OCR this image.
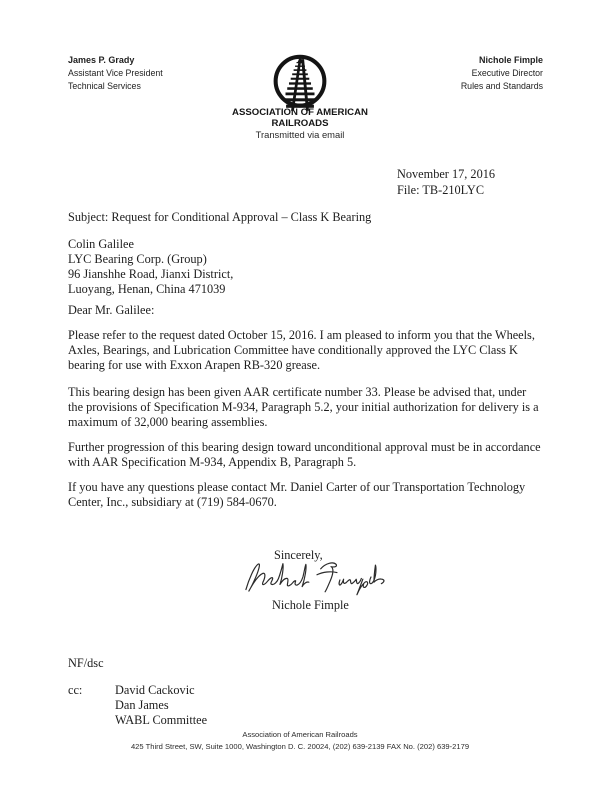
James P. Grady
Assistant Vice President
Technical Services
Nichole Fimple
Executive Director
Rules and Standards
ASSOCIATION OF AMERICAN
RAILROADS
Transmitted via email
November 17, 2016
File: TB-210LYC
Subject: Request for Conditional Approval – Class K Bearing
Colin Galilee
LYC Bearing Corp. (Group)
96 Jianshhe Road, Jianxi District,
Luoyang, Henan, China 471039
Dear Mr. Galilee:
Please refer to the request dated October 15, 2016. I am pleased to inform you that the Wheels,
Axles, Bearings, and Lubrication Committee have conditionally approved the LYC Class K
bearing for use with Exxon Arapen RB-320 grease.
This bearing design has been given AAR certificate number 33. Please be advised that, under
the provisions of Specification M-934, Paragraph 5.2, your initial authorization for delivery is a
maximum of 32,000 bearing assemblies.
Further progression of this bearing design toward unconditional approval must be in accordance
with AAR Specification M-934, Appendix B, Paragraph 5.
If you have any questions please contact Mr. Daniel Carter of our Transportation Technology
Center, Inc., subsidiary at (719) 584-0670.
Sincerely,
Nichole Fimple
NF/dsc
cc:	David Cackovic
Dan James
WABL Committee
Association of American Railroads
425 Third Street, SW, Suite 1000, Washington D. C. 20024, (202) 639-2139 FAX No. (202) 639-2179
